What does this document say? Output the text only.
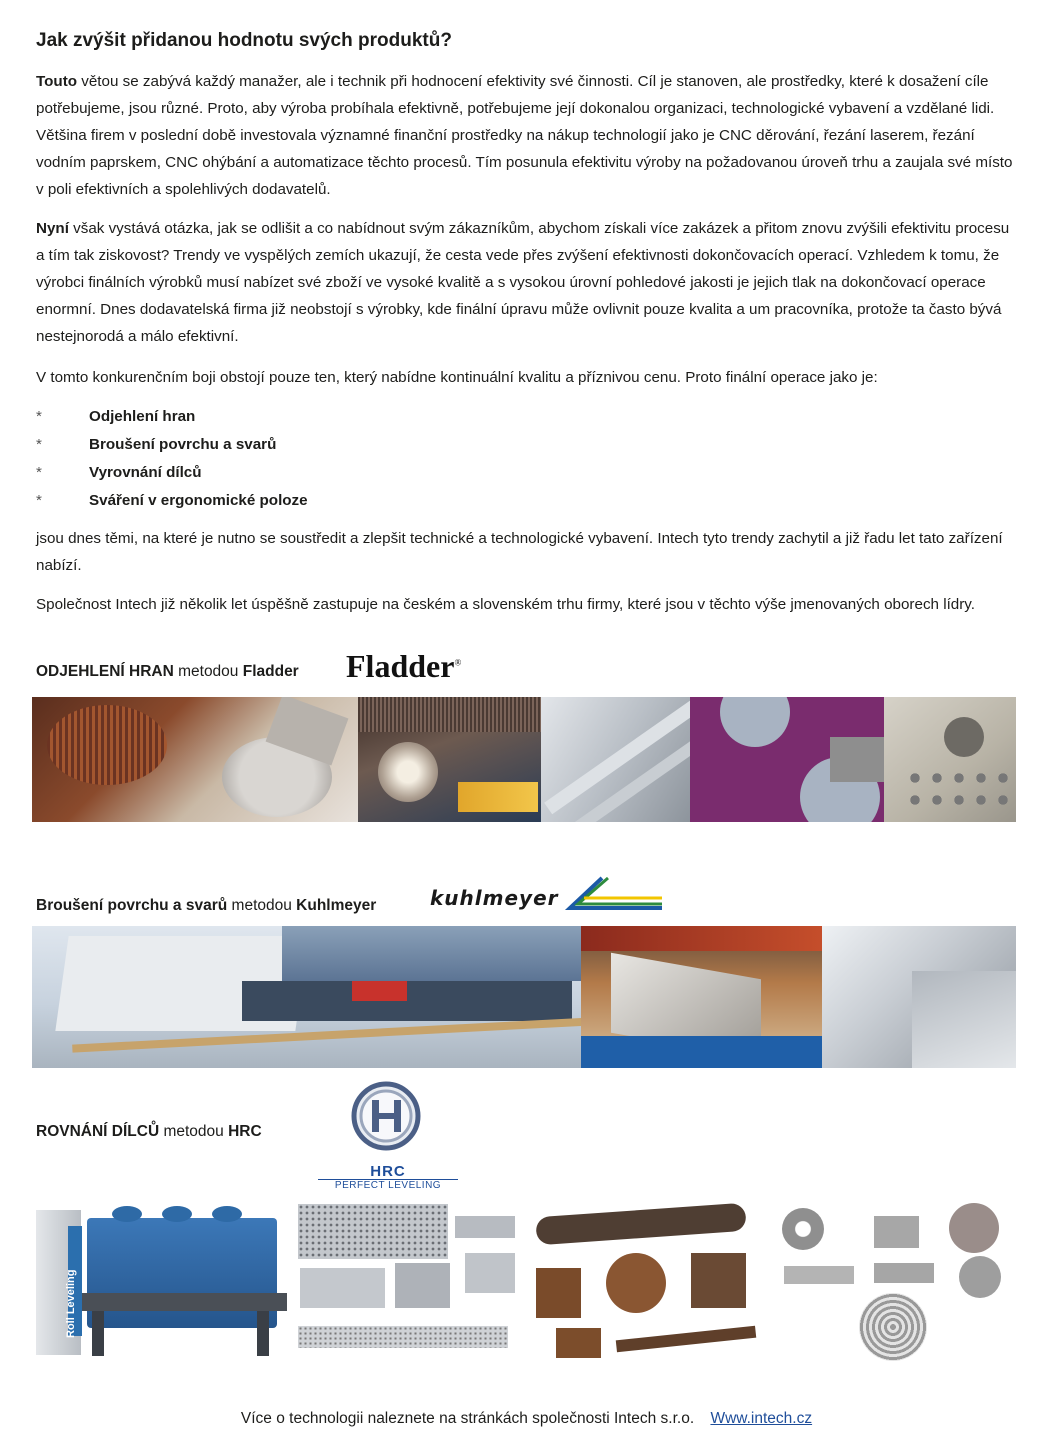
Jak zvýšit přidanou hodnotu svých produktů?

Touto větou se zabývá každý manažer, ale i technik při hodnocení efektivity své činnosti. Cíl je stanoven, ale prostředky, které k dosažení cíle potřebujeme, jsou různé. Proto, aby výroba probíhala efektivně, potřebujeme její dokonalou organizaci, technologické vybavení a vzdělané lidi. Většina firem v poslední době investovala významné finanční prostředky na nákup technologií jako je CNC děrování, řezání laserem, řezání vodním paprskem, CNC ohýbání a automatizace těchto procesů. Tím posunula efektivitu výroby na požadovanou úroveň trhu a zaujala své místo v poli efektivních a spolehlivých dodavatelů.

Nyní však vystává otázka, jak se odlišit a co nabídnout svým zákazníkům, abychom získali více zakázek a přitom znovu zvýšili efektivitu procesu a tím tak ziskovost? Trendy ve vyspělých zemích ukazují, že cesta vede přes zvýšení efektivnosti dokončovacích operací. Vzhledem k tomu, že výrobci finálních výrobků musí nabízet své zboží ve vysoké kvalitě a s vysokou úrovní pohledové jakosti je jejich tlak na dokončovací operace enormní. Dnes dodavatelská firma již neobstojí s výrobky, kde finální úpravu může ovlivnit pouze kvalita a um pracovníka, protože ta často bývá nestejnorodá a málo efektivní.

V tomto konkurenčním boji obstojí pouze ten, který nabídne kontinuální kvalitu a příznivou cenu. Proto finální operace jako je:

*	Odjehlení hran
*	Broušení povrchu a svarů
*	Vyrovnání dílců
*	Sváření v ergonomické poloze

jsou dnes těmi, na které je nutno se soustředit a zlepšit technické a technologické vybavení. Intech tyto trendy zachytil a již řadu let tato zařízení nabízí.

Společnost Intech již několik let úspěšně zastupuje na českém a slovenském trhu firmy, které jsou v těchto výše jmenovaných oborech lídry.

ODJEHLENÍ HRAN metodou Fladder Fladder®
Broušení povrchu a svarů metodou Kuhlmeyer	kuhlmeyer
ROVNÁNÍ DÍLCŮ metodou HRC
HRC
PERFECT LEVELING
Roll Leveling
Více o technologii naleznete na stránkách společnosti Intech s.r.o. Www.intech.cz
